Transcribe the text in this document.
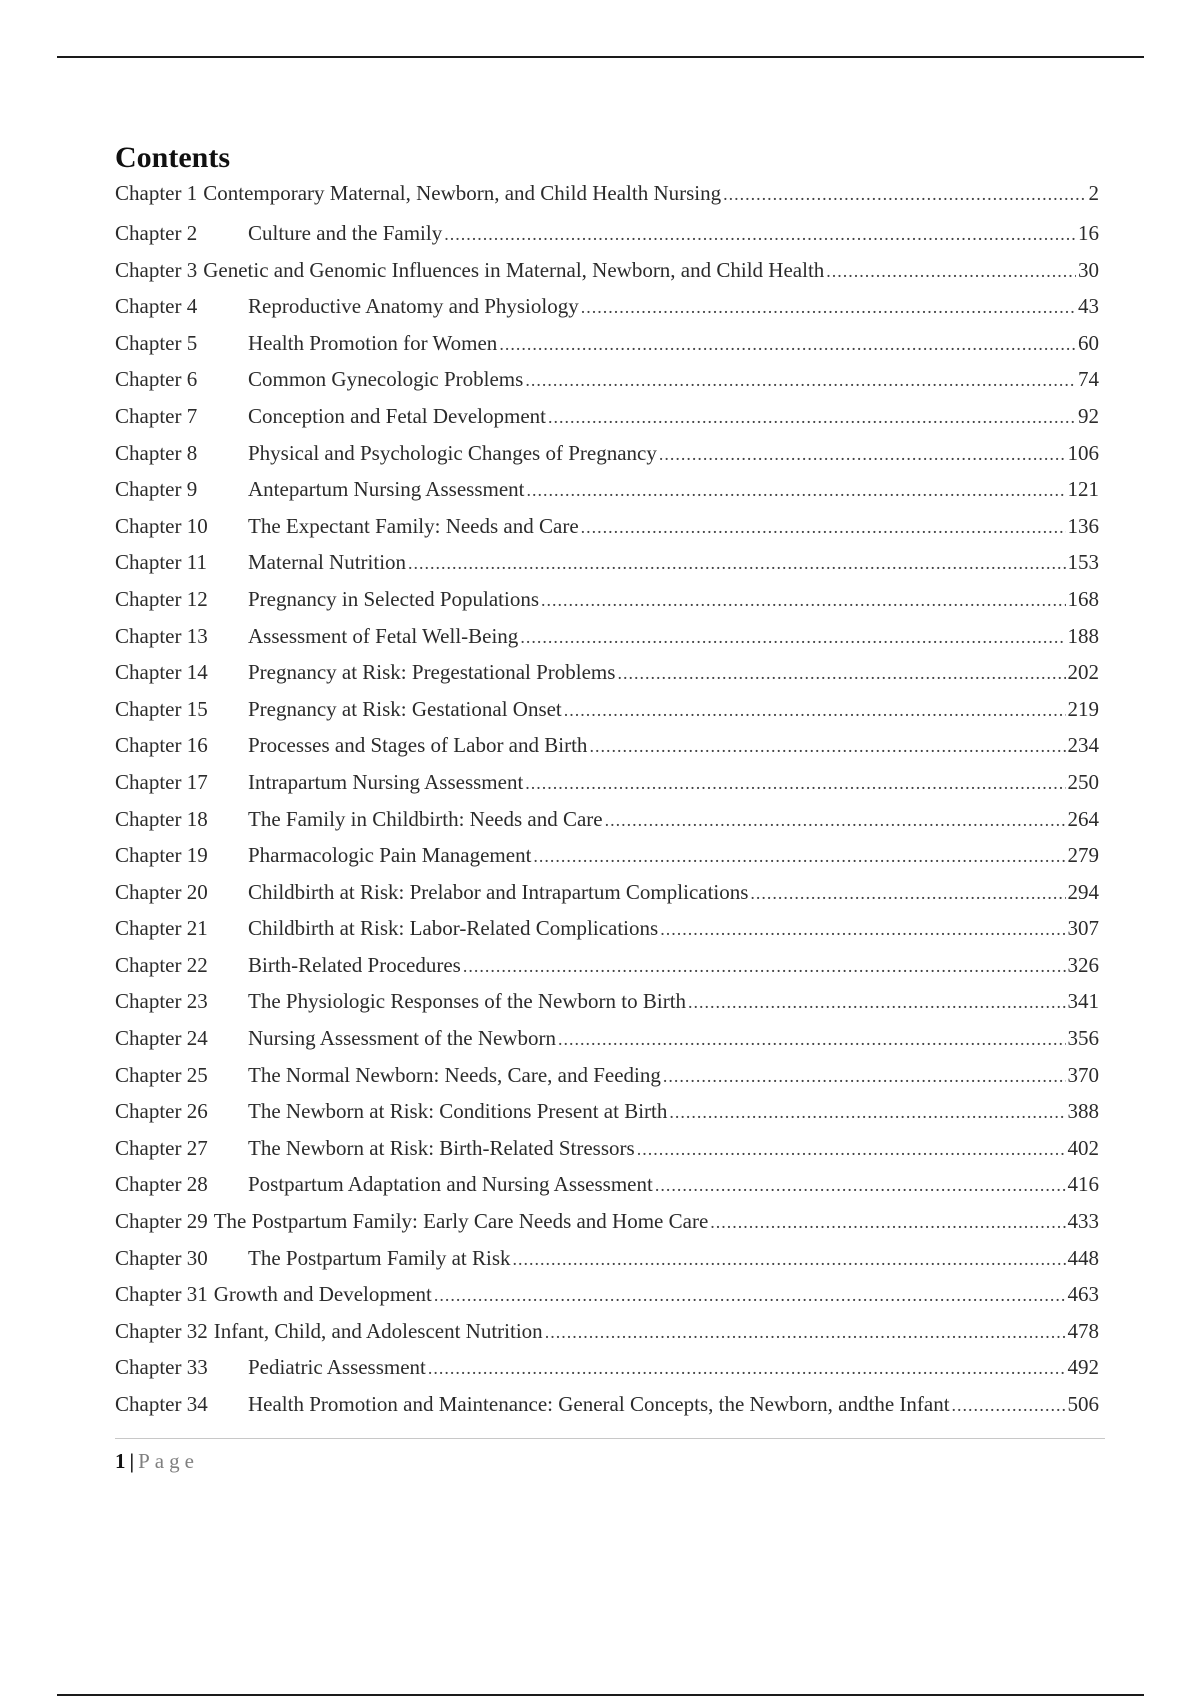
Contents
Chapter 1 Contemporary Maternal, Newborn, and Child Health Nursing .....	2
Chapter 2	Culture and the Family .....	16
Chapter 3 Genetic and Genomic Influences in Maternal, Newborn, and Child Health .....	30
Chapter 4	Reproductive Anatomy and Physiology .....	43
Chapter 5	Health Promotion for Women .....	60
Chapter 6	Common Gynecologic Problems .....	74
Chapter 7	Conception and Fetal Development .....	92
Chapter 8	Physical and Psychologic Changes of Pregnancy .....	106
Chapter 9	Antepartum Nursing Assessment .....	121
Chapter 10	The Expectant Family: Needs and Care .....	136
Chapter 11	Maternal Nutrition .....	153
Chapter 12	Pregnancy in Selected Populations .....	168
Chapter 13	Assessment of Fetal Well-Being .....	188
Chapter 14	Pregnancy at Risk: Pregestational Problems .....	202
Chapter 15	Pregnancy at Risk: Gestational Onset .....	219
Chapter 16	Processes and Stages of Labor and Birth .....	234
Chapter 17	Intrapartum Nursing Assessment .....	250
Chapter 18	The Family in Childbirth: Needs and Care .....	264
Chapter 19	Pharmacologic Pain Management .....	279
Chapter 20	Childbirth at Risk: Prelabor and Intrapartum Complications .....	294
Chapter 21	Childbirth at Risk: Labor-Related Complications .....	307
Chapter 22	Birth-Related Procedures .....	326
Chapter 23	The Physiologic Responses of the Newborn to Birth .....	341
Chapter 24	Nursing Assessment of the Newborn .....	356
Chapter 25	The Normal Newborn: Needs, Care, and Feeding .....	370
Chapter 26	The Newborn at Risk: Conditions Present at Birth .....	388
Chapter 27	The Newborn at Risk: Birth-Related Stressors .....	402
Chapter 28	Postpartum Adaptation and Nursing Assessment .....	416
Chapter 29 The Postpartum Family: Early Care Needs and Home Care .....	433
Chapter 30	The Postpartum Family at Risk .....	448
Chapter 31 Growth and Development .....	463
Chapter 32 Infant, Child, and Adolescent Nutrition .....	478
Chapter 33	Pediatric Assessment .....	492
Chapter 34	Health Promotion and Maintenance: General Concepts, the Newborn, andthe Infant .....	506
1 | Page
